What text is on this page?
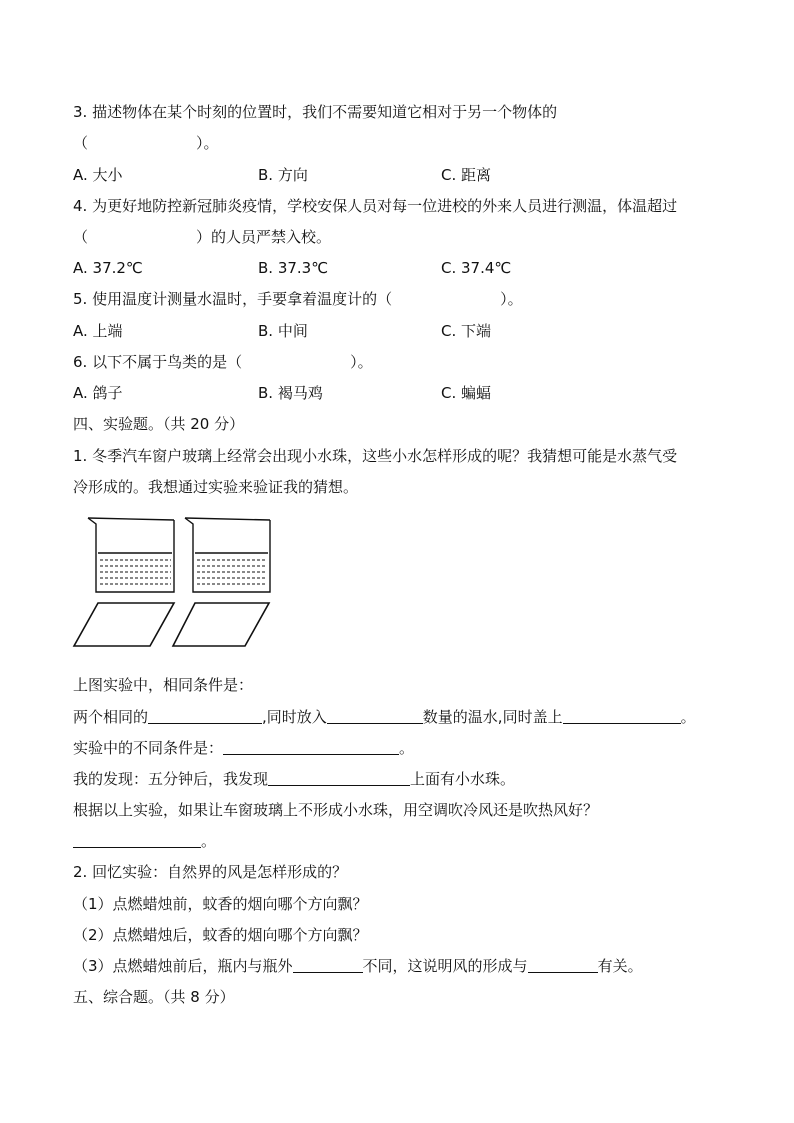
3. 描述物体在某个时刻的位置时，我们不需要知道它相对于另一个物体的
（	）。
A. 大小	B. 方向	C. 距离
4. 为更好地防控新冠肺炎疫情，学校安保人员对每一位进校的外来人员进行测温，体温超过
（	）的人员严禁入校。
A. 37.2℃	B. 37.3℃	C. 37.4℃
5. 使用温度计测量水温时，手要拿着温度计的（	）。
A. 上端	B. 中间	C. 下端
6. 以下不属于鸟类的是（	）。
A. 鸽子	B. 褐马鸡	C. 蝙蝠
四、实验题。（共 20 分）
1. 冬季汽车窗户玻璃上经常会出现小水珠，这些小水怎样形成的呢？我猜想可能是水蒸气受
冷形成的。我想通过实验来验证我的猜想。
上图实验中，相同条件是：
两个相同的	,同时放入	数量的温水,同时盖上	。
实验中的不同条件是：	。
我的发现：五分钟后，我发现	上面有小水珠。
根据以上实验，如果让车窗玻璃上不形成小水珠，用空调吹冷风还是吹热风好？
。
2. 回忆实验：自然界的风是怎样形成的？
（1）点燃蜡烛前，蚊香的烟向哪个方向飘？
（2）点燃蜡烛后，蚊香的烟向哪个方向飘？
（3）点燃蜡烛前后，瓶内与瓶外	不同，这说明风的形成与	有关。
五、综合题。（共 8 分）
